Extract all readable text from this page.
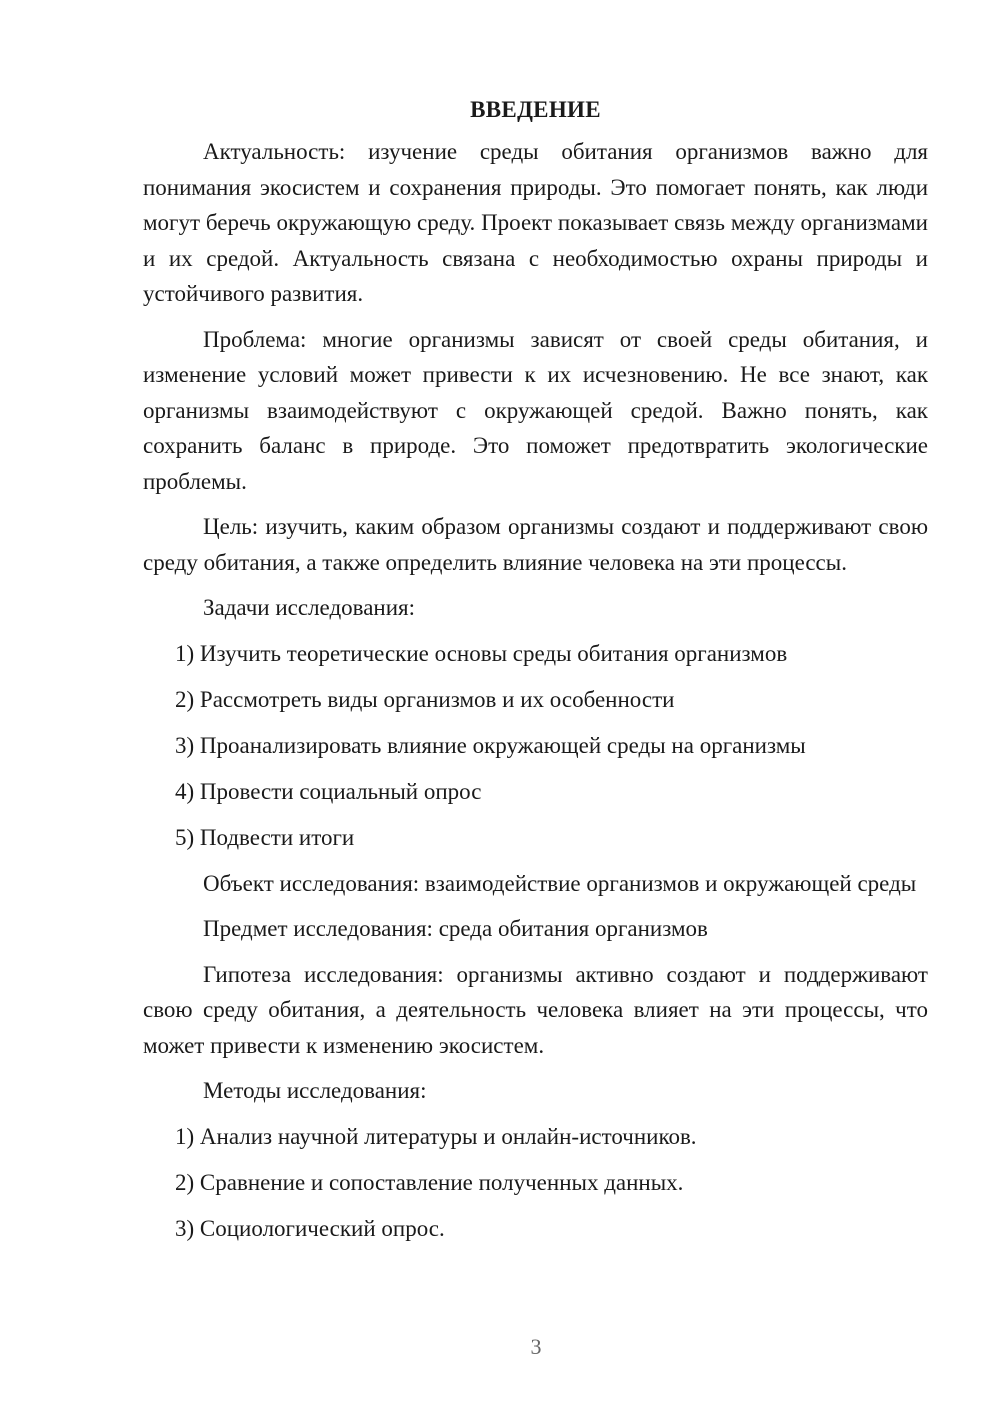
ВВЕДЕНИЕ

Актуальность: изучение среды обитания организмов важно для понимания экосистем и сохранения природы. Это помогает понять, как люди могут беречь окружающую среду. Проект показывает связь между организмами и их средой. Актуальность связана с необходимостью охраны природы и устойчивого развития.

Проблема: многие организмы зависят от своей среды обитания, и изменение условий может привести к их исчезновению. Не все знают, как организмы взаимодействуют с окружающей средой. Важно понять, как сохранить баланс в природе. Это поможет предотвратить экологические проблемы.

Цель: изучить, каким образом организмы создают и поддерживают свою среду обитания, а также определить влияние человека на эти процессы.

Задачи исследования:
1) Изучить теоретические основы среды обитания организмов
2) Рассмотреть виды организмов и их особенности
3) Проанализировать влияние окружающей среды на организмы
4) Провести социальный опрос
5) Подвести итоги

Объект исследования: взаимодействие организмов и окружающей среды

Предмет исследования: среда обитания организмов

Гипотеза исследования: организмы активно создают и поддерживают свою среду обитания, а деятельность человека влияет на эти процессы, что может привести к изменению экосистем.

Методы исследования:
1) Анализ научной литературы и онлайн-источников.
2) Сравнение и сопоставление полученных данных.
3) Социологический опрос.
3
